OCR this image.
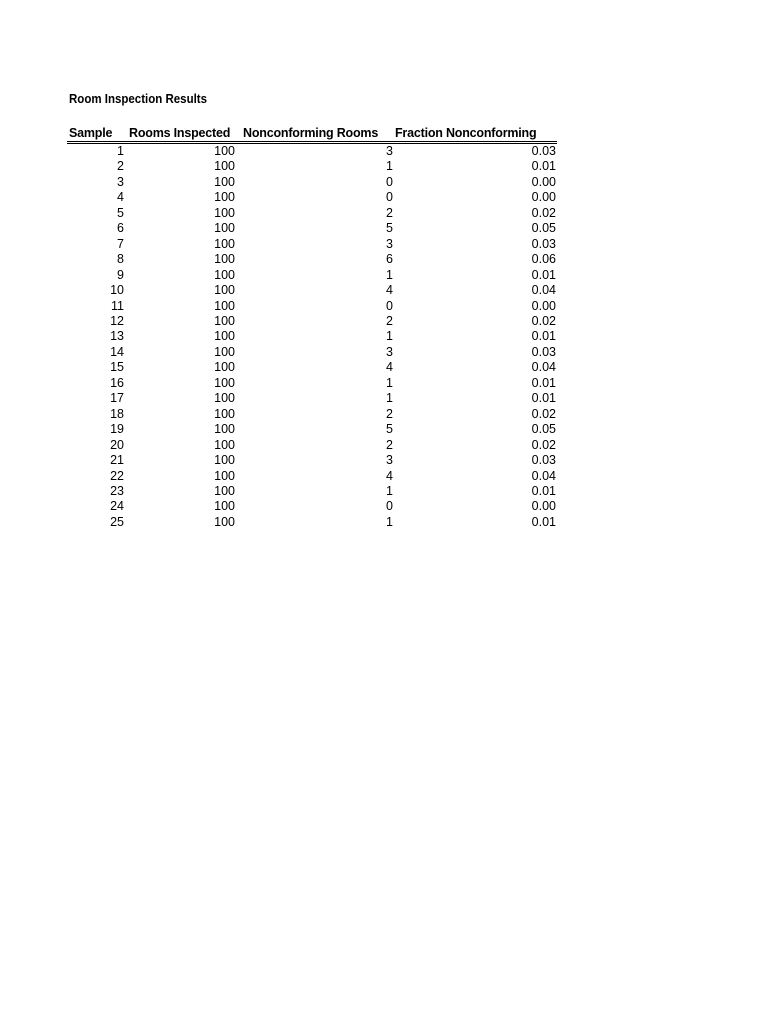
Room Inspection Results
Sample	Rooms Inspected	Nonconforming Rooms	Fraction Nonconforming
1	100	3	0.03
2	100	1	0.01
3	100	0	0.00
4	100	0	0.00
5	100	2	0.02
6	100	5	0.05
7	100	3	0.03
8	100	6	0.06
9	100	1	0.01
10	100	4	0.04
11	100	0	0.00
12	100	2	0.02
13	100	1	0.01
14	100	3	0.03
15	100	4	0.04
16	100	1	0.01
17	100	1	0.01
18	100	2	0.02
19	100	5	0.05
20	100	2	0.02
21	100	3	0.03
22	100	4	0.04
23	100	1	0.01
24	100	0	0.00
25	100	1	0.01
